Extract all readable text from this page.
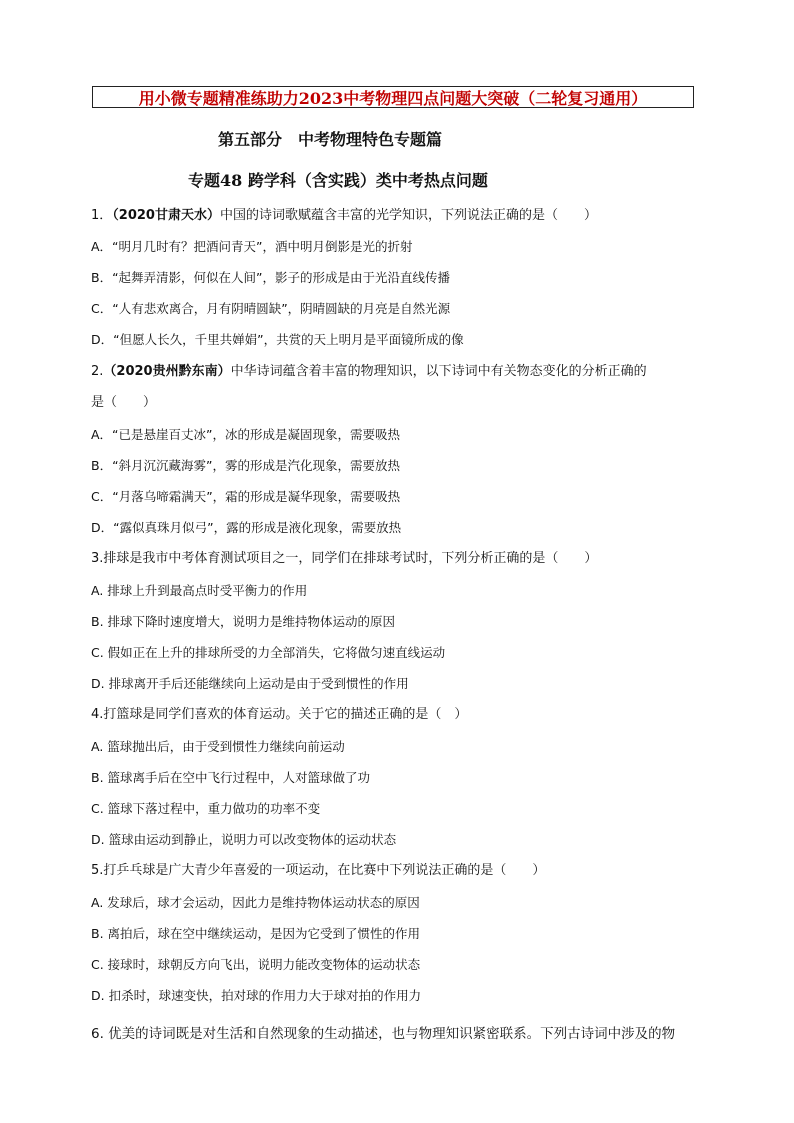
用小微专题精准练助力2023中考物理四点问题大突破（二轮复习通用）
第五部分　中考物理特色专题篇
专题48 跨学科（含实践）类中考热点问题
1．（2020甘肃天水）中国的诗词歌赋蕴含丰富的光学知识，下列说法正确的是（　　）
A．“明月几时有？把酒问青天”，酒中明月倒影是光的折射
B．“起舞弄清影，何似在人间”，影子的形成是由于光沿直线传播
C．“人有悲欢离合，月有阴晴圆缺”，阴晴圆缺的月亮是自然光源
D．“但愿人长久，千里共婵娟”，共赏的天上明月是平面镜所成的像
2.（2020贵州黔东南）中华诗词蕴含着丰富的物理知识，以下诗词中有关物态变化的分析正确的
是（　　）
A．“已是悬崖百丈冰”，冰的形成是凝固现象，需要吸热
B．“斜月沉沉藏海雾”，雾的形成是汽化现象，需要放热
C．“月落乌啼霜满天”，霜的形成是凝华现象，需要吸热
D．“露似真珠月似弓”，露的形成是液化现象，需要放热
3.排球是我市中考体育测试项目之一，同学们在排球考试时，下列分析正确的是（　　）
A. 排球上升到最高点时受平衡力的作用
B. 排球下降时速度增大，说明力是维持物体运动的原因
C. 假如正在上升的排球所受的力全部消失，它将做匀速直线运动
D. 排球离开手后还能继续向上运动是由于受到惯性的作用
4.打篮球是同学们喜欢的体育运动。关于它的描述正确的是（　）
A. 篮球抛出后，由于受到惯性力继续向前运动
B. 篮球离手后在空中飞行过程中，人对篮球做了功
C. 篮球下落过程中，重力做功的功率不变
D. 篮球由运动到静止，说明力可以改变物体的运动状态
5.打乒乓球是广大青少年喜爱的一项运动，在比赛中下列说法正确的是（　　）
A. 发球后，球才会运动，因此力是维持物体运动状态的原因
B. 离拍后，球在空中继续运动，是因为它受到了惯性的作用
C. 接球时，球朝反方向飞出，说明力能改变物体的运动状态
D. 扣杀时，球速变快，拍对球的作用力大于球对拍的作用力
6. 优美的诗词既是对生活和自然现象的生动描述，也与物理知识紧密联系。下列古诗词中涉及的物
